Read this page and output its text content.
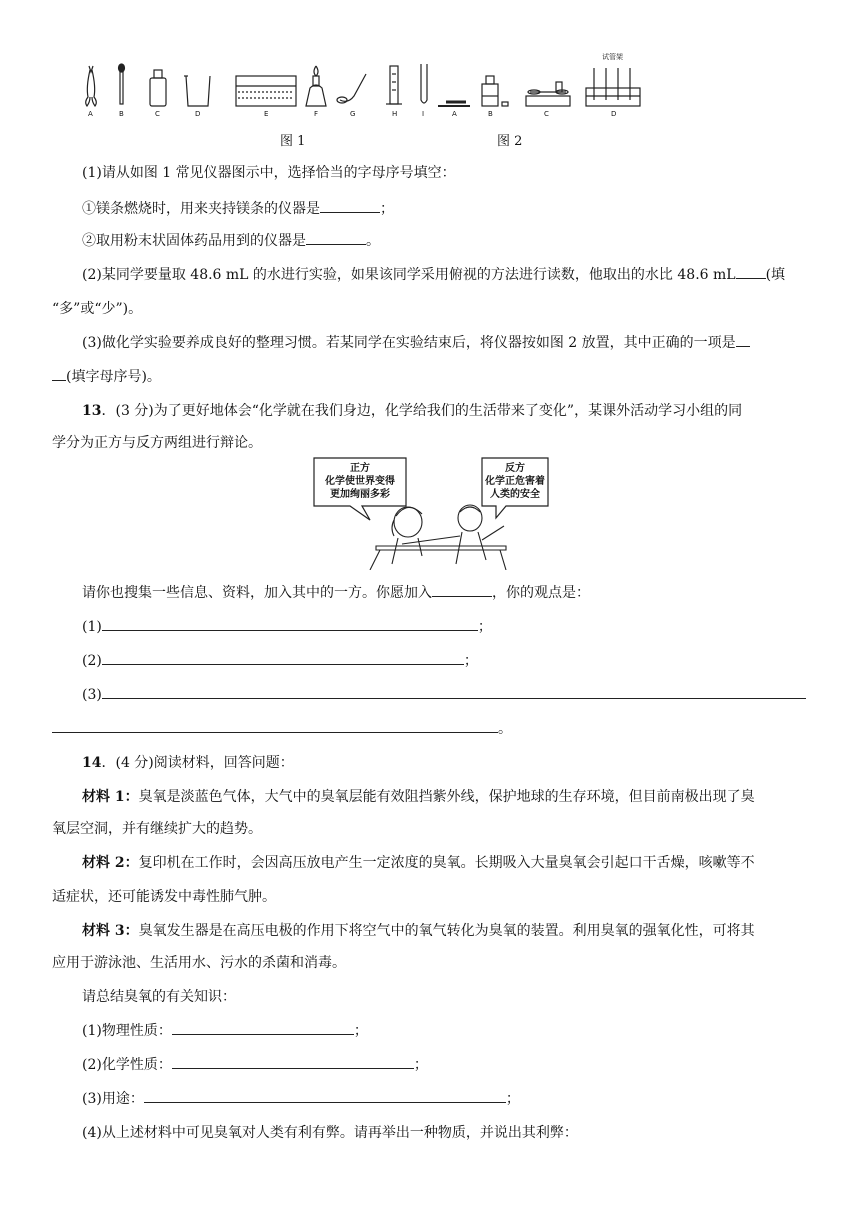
A	B	C	D	E	F	G	H	I	A	B	C	D
试管架
图 1	图 2
(1)请从如图 1 常见仪器图示中，选择恰当的字母序号填空：
①镁条燃烧时，用来夹持镁条的仪器是	；
②取用粉末状固体药品用到的仪器是	。
(2)某同学要量取 48.6 mL 的水进行实验，如果该同学采用俯视的方法进行读数，他取出的水比 48.6 mL (填
“多”或“少”)。
(3)做化学实验要养成良好的整理习惯。若某同学在实验结束后，将仪器按如图 2 放置，其中正确的一项是
(填字母序号)。
13．(3 分)为了更好地体会“化学就在我们身边，化学给我们的生活带来了变化”，某课外活动学习小组的同
学分为正方与反方两组进行辩论。
正方
化学使世界变得
更加绚丽多彩
反方
化学正危害着
人类的安全
请你也搜集一些信息、资料，加入其中的一方。你愿加入	，你的观点是：
(1)	；
(2)	；
(3)
。
14．(4 分)阅读材料，回答问题：
材料 1：臭氧是淡蓝色气体，大气中的臭氧层能有效阻挡紫外线，保护地球的生存环境，但目前南极出现了臭
氧层空洞，并有继续扩大的趋势。
材料 2：复印机在工作时，会因高压放电产生一定浓度的臭氧。长期吸入大量臭氧会引起口干舌燥，咳嗽等不
适症状，还可能诱发中毒性肺气肿。
材料 3：臭氧发生器是在高压电极的作用下将空气中的氧气转化为臭氧的装置。利用臭氧的强氧化性，可将其
应用于游泳池、生活用水、污水的杀菌和消毒。
请总结臭氧的有关知识：
(1)物理性质：	；
(2)化学性质：	；
(3)用途：	；
(4)从上述材料中可见臭氧对人类有利有弊。请再举出一种物质，并说出其利弊：
